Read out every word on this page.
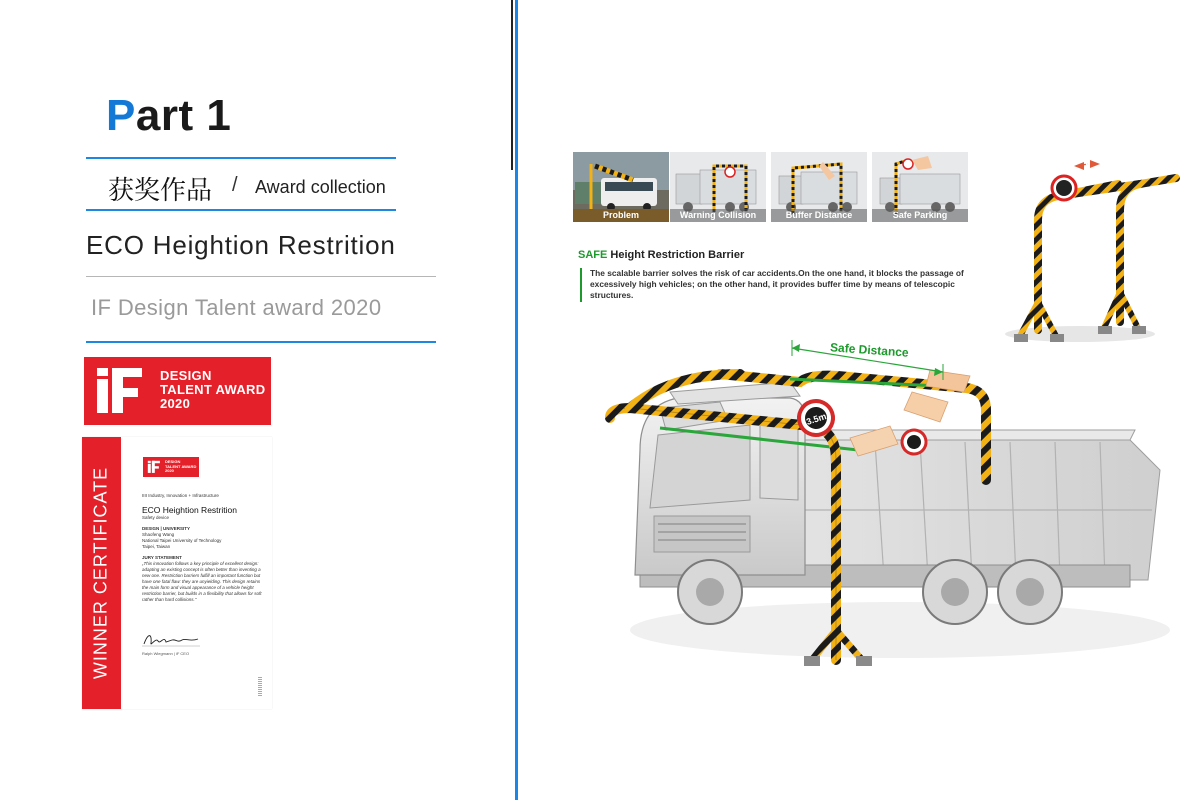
Part 1
获奖作品 / Award collection
ECO Heightion Restrition
IF Design Talent award 2020
DESIGN
TALENT AWARD
2020
WINNER CERTIFICATE
DESIGN
TALENT AWARD
2020
IIII Industry, Innovation + Infrastructure
ECO Heightion Restrition
Safety device
DESIGN | UNIVERSITY
Shaofeng Wang
National Taipei University of Technology
Taipei, Taiwan
JURY STATEMENT
„This innovation follows a key principle of excellent design: adapting an existing concept is often better than inventing a new one. Restriction barriers fulfill an important function but have one fatal flaw: they are unyielding. This design retains the main form and visual appearance of a vehicle height restriction barrier, but builds in a flexibility that allows for soft rather than hard collisions."
Ralph Wiegmann | iF CEO
Problem	Warning Collision	Buffer Distance	Safe Parking
SAFE Height Restriction Barrier
The scalable barrier solves the risk of car accidents.On the one hand, it blocks the passage of excessively high vehicles; on the other hand, it provides buffer time by means of telescopic structures.
3.5m
Safe Distance
